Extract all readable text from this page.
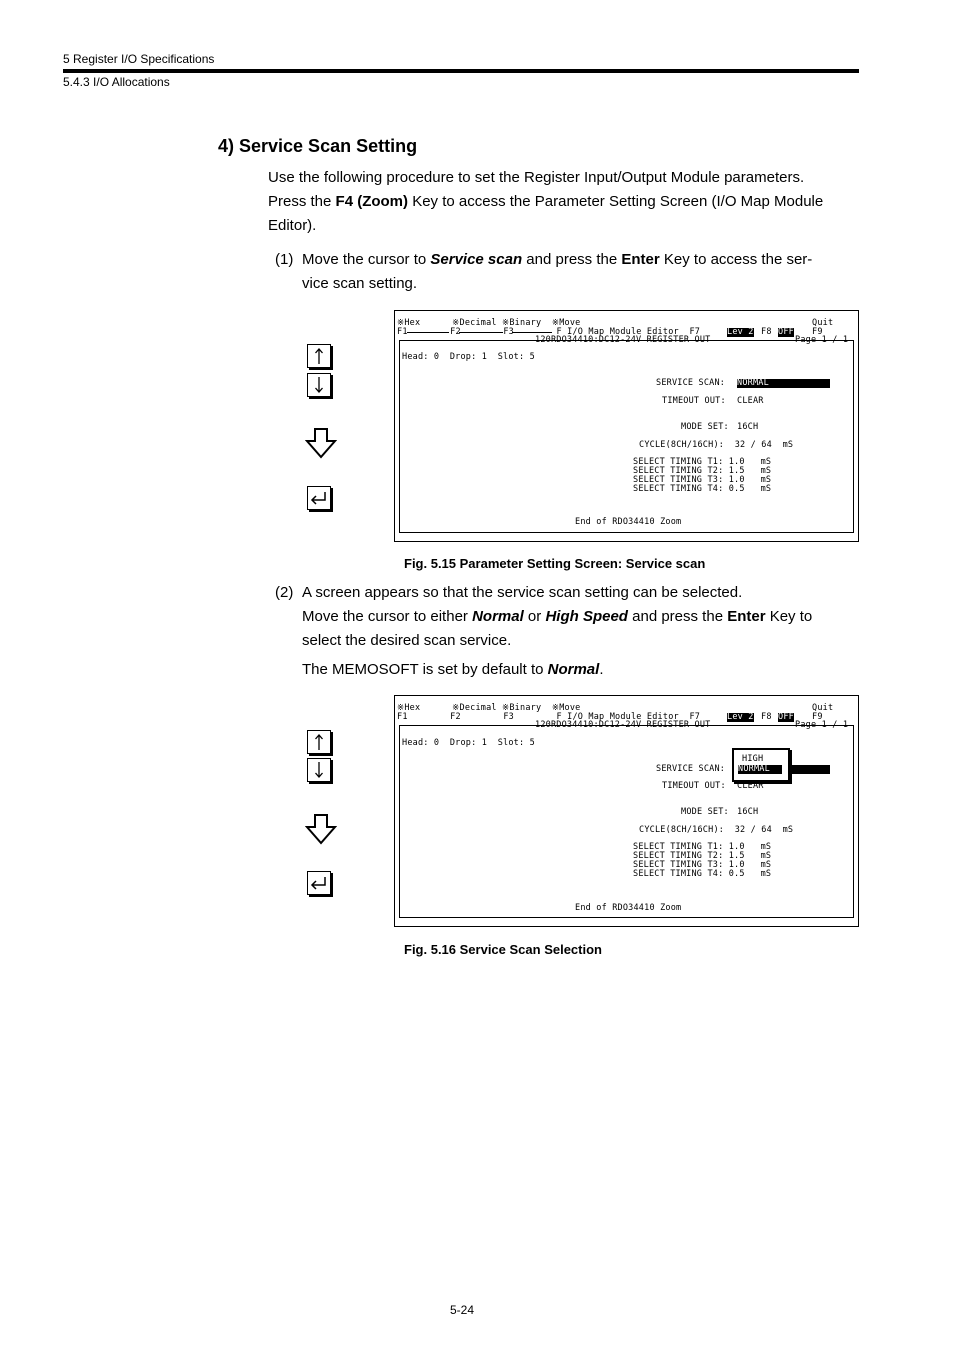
5 Register I/O Specifications
5.4.3 I/O Allocations
4) Service Scan Setting
Use the following procedure to set the Register Input/Output Module parameters.
Press the F4 (Zoom) Key to access the Parameter Setting Screen (I/O Map Module
Editor).
(1) Move the cursor to Service scan and press the Enter Key to access the ser-
vice scan setting.
※Hex      ※Decimal ※Binary  ※Move	Quit
F1        F2        F3        F I/O Map Module Editor  F7	Lev 2 F8 OFF F9
120RDO34410:DC12-24V REGISTER OUT	Page 1 / 1
Head: 0  Drop: 1  Slot: 5
SERVICE SCAN: NORMAL
TIMEOUT OUT: CLEAR
MODE SET: 16CH
CYCLE(8CH/16CH):  32 / 64  mS
SELECT TIMING T1: 1.0   mS
SELECT TIMING T2: 1.5   mS
SELECT TIMING T3: 1.0   mS
SELECT TIMING T4: 0.5   mS
End of RDO34410 Zoom
Fig. 5.15 Parameter Setting Screen: Service scan
(2) A screen appears so that the service scan setting can be selected.
Move the cursor to either Normal or High Speed and press the Enter Key to
select the desired scan service.
The MEMOSOFT is set by default to Normal.
※Hex      ※Decimal ※Binary  ※Move	Quit
F1        F2        F3        F I/O Map Module Editor  F7	Lev 2 F8 OFF F9
120RDO34410:DC12-24V REGISTER OUT	Page 1 / 1
Head: 0  Drop: 1  Slot: 5
SERVICE SCAN:

HIGH
NORMAL
TIMEOUT OUT: CLEAR
MODE SET: 16CH
CYCLE(8CH/16CH):  32 / 64  mS
SELECT TIMING T1: 1.0   mS
SELECT TIMING T2: 1.5   mS
SELECT TIMING T3: 1.0   mS
SELECT TIMING T4: 0.5   mS
End of RDO34410 Zoom
Fig. 5.16 Service Scan Selection
5-24
